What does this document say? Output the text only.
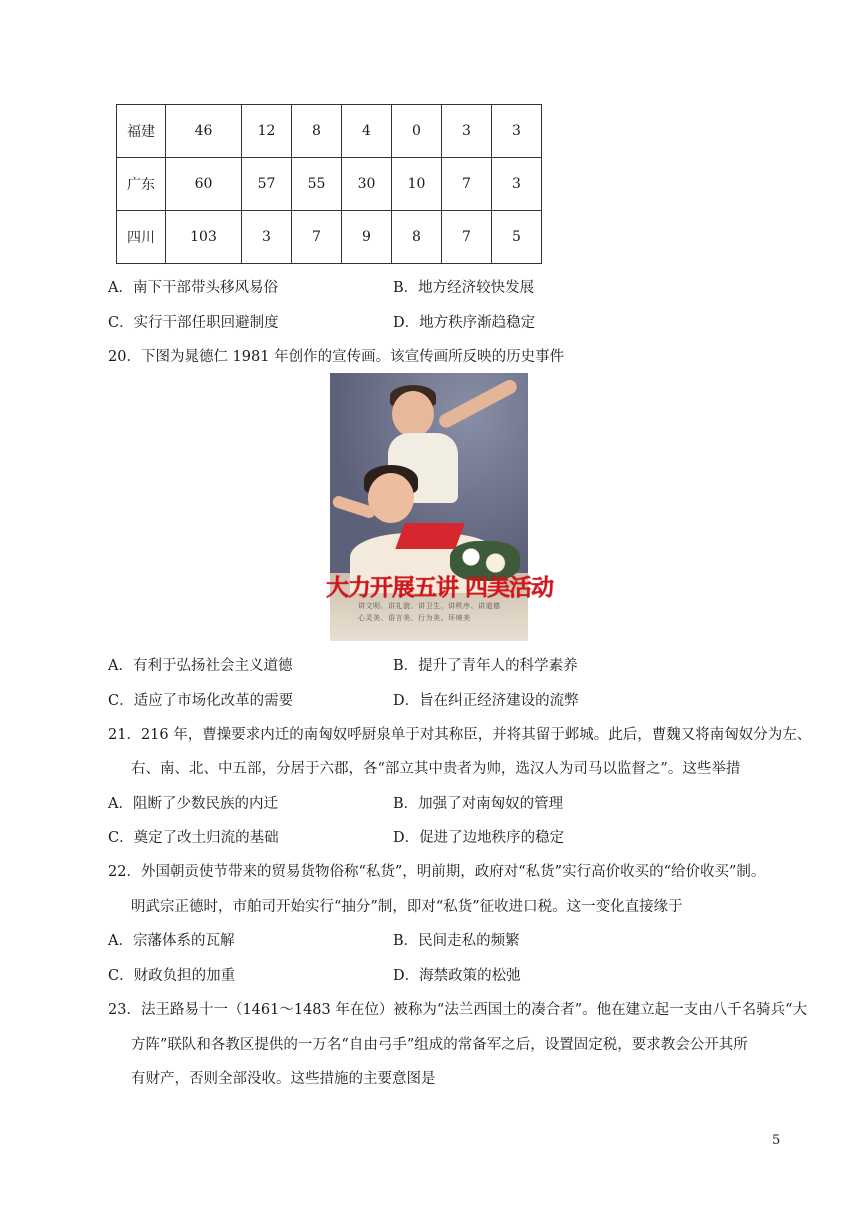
福建	46	12	8	4	0	3	3
广东	60	57	55	30	10	7	3
四川	103	3	7	9	8	7	5
A．南下干部带头移风易俗	B．地方经济较快发展
C．实行干部任职回避制度	D．地方秩序渐趋稳定
20．下图为晁德仁 1981 年创作的宣传画。该宣传画所反映的历史事件
大力开展五讲 四美活动
讲文明、讲礼貌、讲卫生、讲秩序、讲道德
心灵美、语言美、行为美、环境美
A．有利于弘扬社会主义道德	B．提升了青年人的科学素养
C．适应了市场化改革的需要	D．旨在纠正经济建设的流弊
21．216 年，曹操要求内迁的南匈奴呼厨泉单于对其称臣，并将其留于邺城。此后，曹魏又将南匈奴分为左、
右、南、北、中五部，分居于六郡，各“部立其中贵者为帅，选汉人为司马以监督之”。这些举措
A．阻断了少数民族的内迁	B．加强了对南匈奴的管理
C．奠定了改土归流的基础	D．促进了边地秩序的稳定
22．外国朝贡使节带来的贸易货物俗称“私货”，明前期，政府对“私货”实行高价收买的“给价收买”制。
明武宗正德时，市舶司开始实行“抽分”制，即对“私货”征收进口税。这一变化直接缘于
A．宗藩体系的瓦解	B．民间走私的频繁
C．财政负担的加重	D．海禁政策的松弛
23．法王路易十一（1461～1483 年在位）被称为“法兰西国土的凑合者”。他在建立起一支由八千名骑兵“大
方阵”联队和各教区提供的一万名“自由弓手”组成的常备军之后，设置固定税，要求教会公开其所
有财产，否则全部没收。这些措施的主要意图是
5
